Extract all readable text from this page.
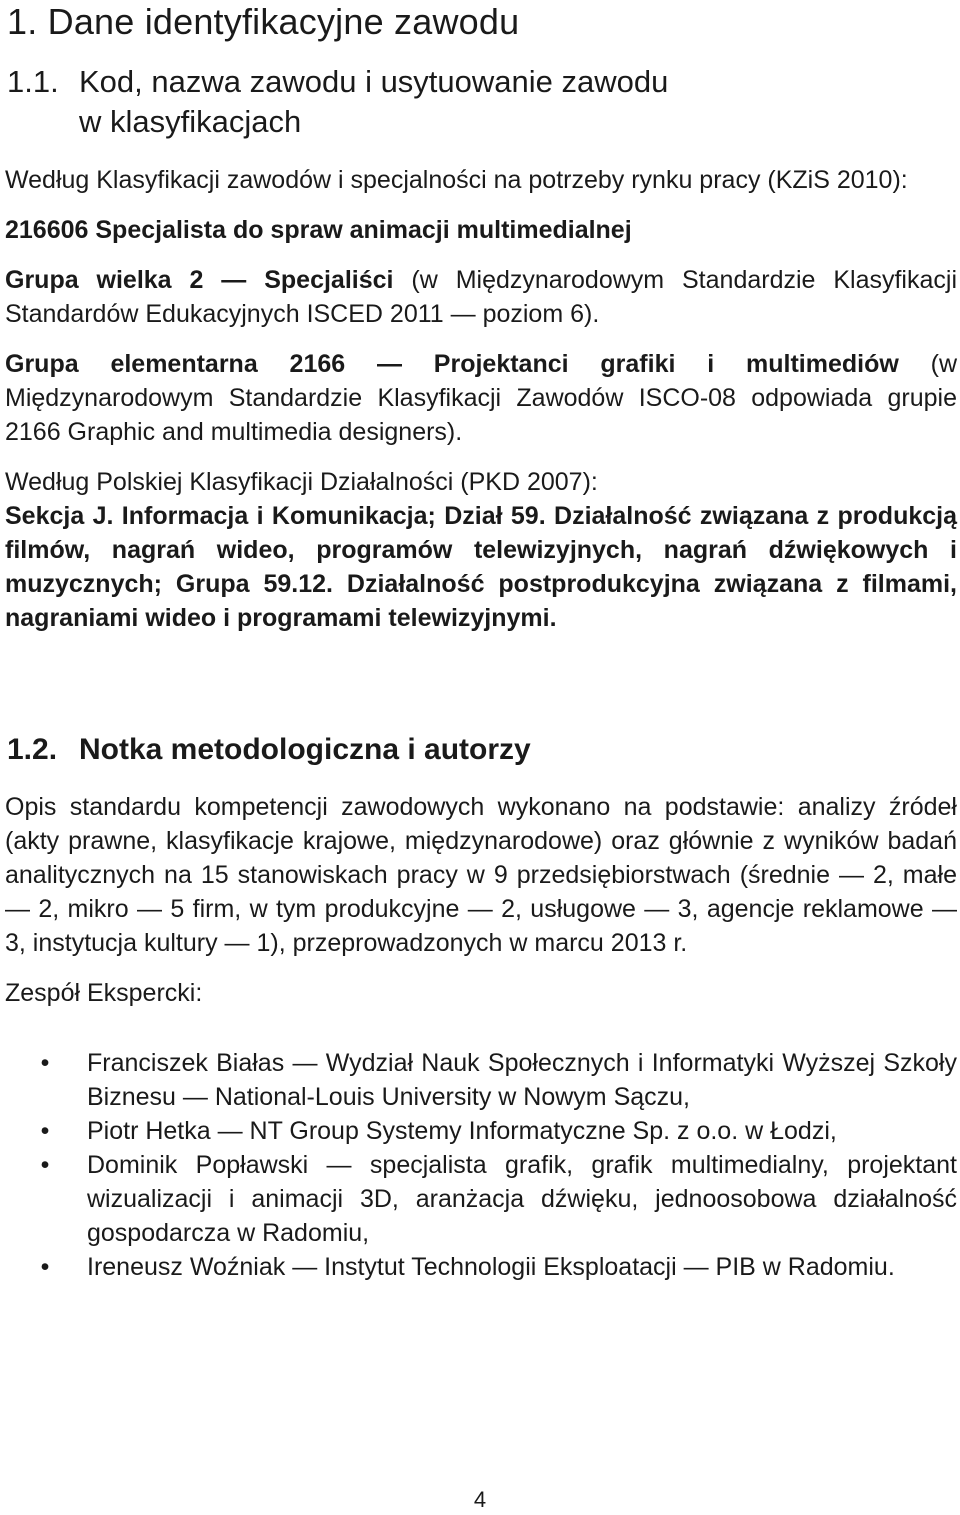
1. Dane identyfikacyjne zawodu
1.1. Kod, nazwa zawodu i usytuowanie zawodu
w klasyfikacjach

Według Klasyfikacji zawodów i specjalności na potrzeby rynku pracy (KZiS 2010):

216606 Specjalista do spraw animacji multimedialnej

Grupa wielka 2 — Specjaliści (w Międzynarodowym Standardzie Klasyfikacji Standardów Edukacyjnych ISCED 2011 — poziom 6).

Grupa elementarna 2166 — Projektanci grafiki i multimediów (w Międzynarodowym Standardzie Klasyfikacji Zawodów ISCO-08 odpowiada grupie 2166 Graphic and multimedia designers).

Według Polskiej Klasyfikacji Działalności (PKD 2007):

Sekcja J. Informacja i Komunikacja; Dział 59. Działalność związana z produkcją filmów, nagrań wideo, programów telewizyjnych, nagrań dźwiękowych i muzycznych; Grupa 59.12. Działalność postprodukcyjna związana z filmami, nagraniami wideo i programami telewizyjnymi.

1.2. Notka metodologiczna i autorzy

Opis standardu kompetencji zawodowych wykonano na podstawie: analizy źródeł (akty prawne, klasyfikacje krajowe, międzynarodowe) oraz głównie z wyników badań analitycznych na 15 stanowiskach pracy w 9 przedsiębiorstwach (średnie — 2, małe — 2, mikro — 5 firm, w tym produkcyjne — 2, usługowe — 3, agencje reklamowe — 3, instytucja kultury — 1), przeprowadzonych w marcu 2013 r.

Zespół Ekspercki:

• Franciszek Białas — Wydział Nauk Społecznych i Informatyki Wyższej Szkoły Biznesu — National-Louis University w Nowym Sączu,
• Piotr Hetka — NT Group Systemy Informatyczne Sp. z o.o. w Łodzi,
• Dominik Popławski — specjalista grafik, grafik multimedialny, projektant wizualizacji i animacji 3D, aranżacja dźwięku, jednoosobowa działalność gospodarcza w Radomiu,
• Ireneusz Woźniak — Instytut Technologii Eksploatacji — PIB w Radomiu.
4
